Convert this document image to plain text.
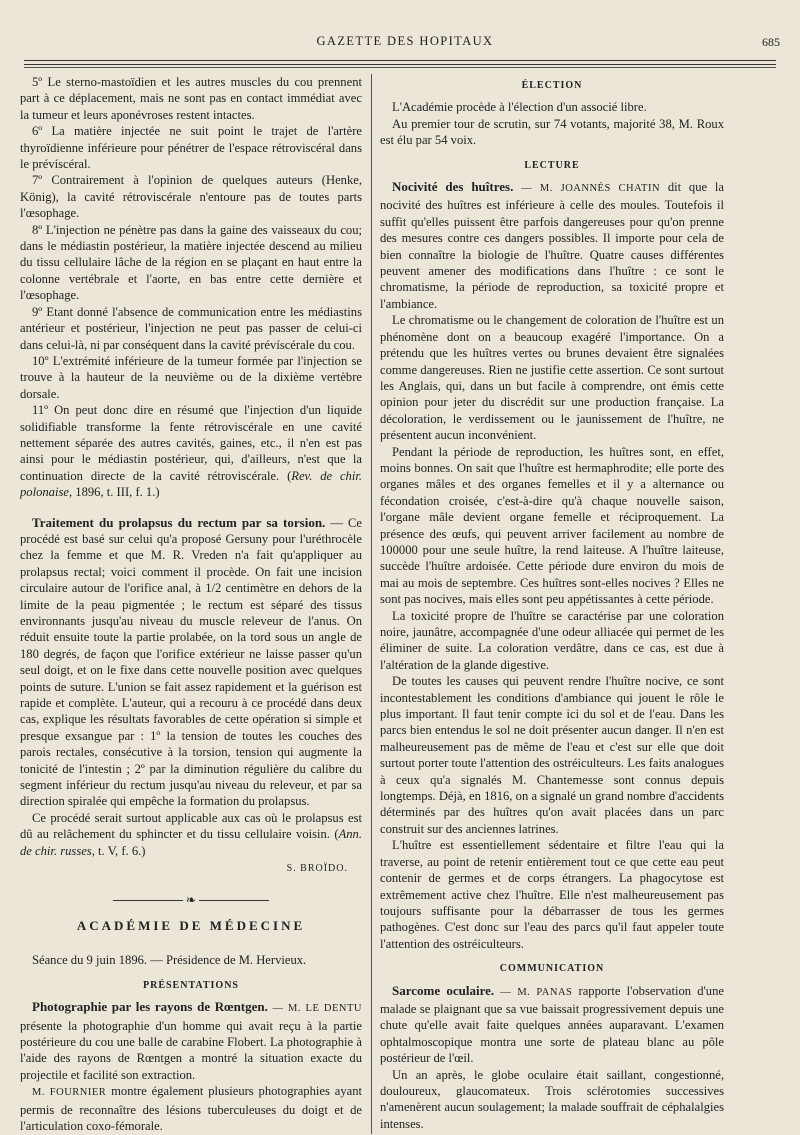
GAZETTE DES HOPITAUX	685

5º Le sterno-mastoïdien et les autres muscles du cou prennent part à ce déplacement, mais ne sont pas en contact immédiat avec la tumeur et leurs aponévroses restent intactes.

6º La matière injectée ne suit point le trajet de l'artère thyroïdienne inférieure pour pénétrer de l'espace rétroviscéral dans le prévíscéral.

7º Contrairement à l'opinion de quelques auteurs (Henke, König), la cavité rétroviscérale n'entoure pas de toutes parts l'œsophage.

8º L'injection ne pénètre pas dans la gaine des vaisseaux du cou; dans le médiastin postérieur, la matière injectée descend au milieu du tissu cellulaire lâche de la région en se plaçant en haut entre la colonne vertébrale et l'aorte, en bas entre cette dernière et l'œsophage.

9º Etant donné l'absence de communication entre les médiastins antérieur et postérieur, l'injection ne peut pas passer de celui-ci dans celui-là, ni par conséquent dans la cavité prévíscérale du cou.

10º L'extrémité inférieure de la tumeur formée par l'injection se trouve à la hauteur de la neuvième ou de la dixième vertèbre dorsale.

11º On peut donc dire en résumé que l'injection d'un liquide solidifiable transforme la fente rétroviscérale en une cavité nettement séparée des autres cavités, gaines, etc., il n'en est pas ainsi pour le médiastin postérieur, qui, d'ailleurs, n'est que la continuation directe de la cavité rétroviscérale. (Rev. de chir. polonaise, 1896, t. III, f. 1.)

Traitement du prolapsus du rectum par sa torsion. — Ce procédé est basé sur celui qu'a proposé Gersuny pour l'uréthrocèle chez la femme et que M. R. Vreden n'a fait qu'appliquer au prolapsus rectal; voici comment il procède. On fait une incision circulaire autour de l'orifice anal, à 1/2 centimètre en dehors de la limite de la peau pigmentée ; le rectum est séparé des tissus environnants jusqu'au niveau du muscle releveur de l'anus. On réduit ensuite toute la partie prolabée, on la tord sous un angle de 180 degrés, de façon que l'orifice extérieur ne laisse passer qu'un seul doigt, et on le fixe dans cette nouvelle position avec quelques points de suture. L'union se fait assez rapidement et la guérison est rapide et complète. L'auteur, qui a recouru à ce procédé dans deux cas, explique les résultats favorables de cette opération si simple et presque exsangue par : 1º la tension de toutes les couches des parois rectales, consécutive à la torsion, tension qui augmente la tonicité de l'intestin ; 2º par la diminution régulière du calibre du segment inférieur du rectum jusqu'au niveau du releveur, et par sa direction spiralée qui empêche la formation du prolapsus.

Ce procédé serait surtout applicable aux cas où le prolapsus est dû au relâchement du sphincter et du tissu cellulaire voisin. (Ann. de chir. russes, t. V, f. 6.)

S. BROÏDO.
❧
ACADÉMIE DE MÉDECINE

Séance du 9 juin 1896. — Présidence de M. Hervieux.

PRÉSENTATIONS

Photographie par les rayons de Rœntgen. — M. LE DENTU présente la photographie d'un homme qui avait reçu à la partie postérieure du cou une balle de carabine Flobert. La photographie à l'aide des rayons de Rœntgen a montré la situation exacte du projectile et facilité son extraction.

M. FOURNIER montre également plusieurs photographies ayant permis de reconnaître des lésions tuberculeuses du doigt et de l'articulation coxo-fémorale.

ÉLECTION

L'Académie procède à l'élection d'un associé libre.

Au premier tour de scrutin, sur 74 votants, majorité 38, M. Roux est élu par 54 voix.

LECTURE

Nocivité des huîtres. — M. JOANNÈS CHATIN dit que la nocivité des huîtres est inférieure à celle des moules. Toutefois il suffit qu'elles puissent être parfois dangereuses pour qu'on prenne des mesures contre ces dangers possibles. Il importe pour cela de bien connaître la biologie de l'huître. Quatre causes différentes peuvent amener des modifications dans l'huître : ce sont le chromatisme, la période de reproduction, sa toxicité propre et l'ambiance.

Le chromatisme ou le changement de coloration de l'huître est un phénomène dont on a beaucoup exagéré l'importance. On a prétendu que les huîtres vertes ou brunes devaient être signalées comme dangereuses. Rien ne justifie cette assertion. Ce sont surtout les Anglais, qui, dans un but facile à comprendre, ont émis cette opinion pour jeter du discrédit sur une production française. La décoloration, le verdissement ou le jaunissement de l'huître, ne présentent aucun inconvénient.

Pendant la période de reproduction, les huîtres sont, en effet, moins bonnes. On sait que l'huître est hermaphrodite; elle porte des organes mâles et des organes femelles et il y a alternance ou fécondation croisée, c'est-à-dire qu'à chaque nouvelle saison, l'organe mâle devient organe femelle et réciproquement. La présence des œufs, qui peuvent arriver facilement au nombre de 100000 pour une seule huître, la rend laiteuse. A l'huître laiteuse, succède l'huître ardoisée. Cette période dure environ du mois de mai au mois de septembre. Ces huîtres sont-elles nocives ? Elles ne sont pas nocives, mais elles sont peu appétissantes à cette période.

La toxicité propre de l'huître se caractérise par une coloration noire, jaunâtre, accompagnée d'une odeur alliacée qui permet de les éliminer de suite. La coloration verdâtre, dans ce cas, est due à l'altération de la glande digestive.

De toutes les causes qui peuvent rendre l'huître nocive, ce sont incontestablement les conditions d'ambiance qui jouent le rôle le plus important. Il faut tenir compte ici du sol et de l'eau. Dans les parcs bien entendus le sol ne doit présenter aucun danger. Il n'en est malheureusement pas de même de l'eau et c'est sur elle que doit surtout porter toute l'attention des ostréiculteurs. Les faits analogues à ceux qu'a signalés M. Chantemesse sont connus depuis longtemps. Déjà, en 1816, on a signalé un grand nombre d'accidents déterminés par des huîtres qu'on avait placées dans un parc construit sur des anciennes latrines.

L'huître est essentiellement sédentaire et filtre l'eau qui la traverse, au point de retenir entièrement tout ce que cette eau peut contenir de germes et de corps étrangers. La phagocytose est extrêmement active chez l'huître. Elle n'est malheureusement pas toujours suffisante pour la débarrasser de tous les germes pathogènes. C'est donc sur l'eau des parcs qu'il faut appeler toute l'attention des ostréiculteurs.

COMMUNICATION

Sarcome oculaire. — M. PANAS rapporte l'observation d'une malade se plaignant que sa vue baissait progressivement depuis une chute qu'elle avait faite quelques années auparavant. L'examen ophtalmoscopique montra une sorte de plateau blanc au pôle postérieur de l'œil.

Un an après, le globe oculaire était saillant, congestionné, douloureux, glaucomateux. Trois sclérotomies successives n'amenèrent aucun soulagement; la malade souffrait de céphalalgies intenses.
